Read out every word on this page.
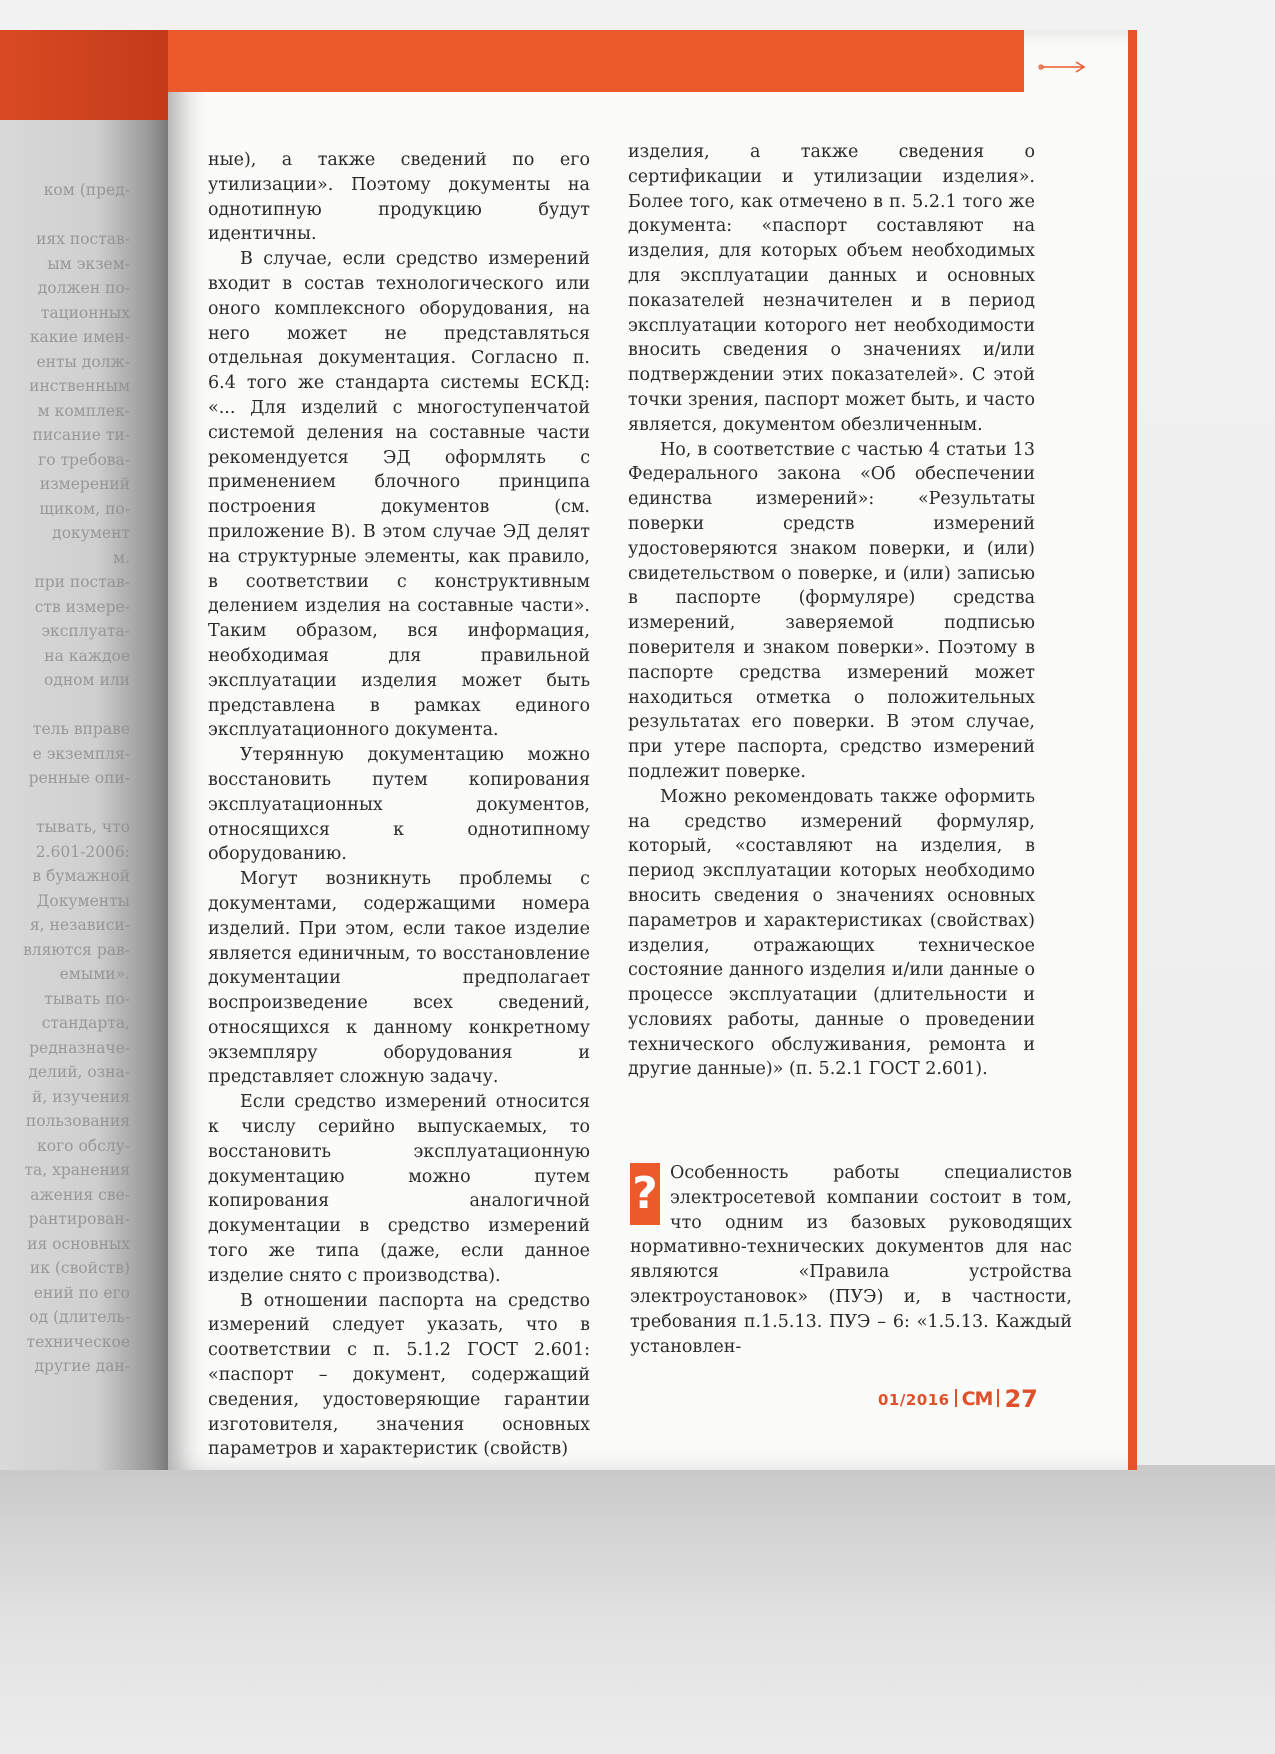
ком (пред-

иях постав-
ым экзем-
должен по-
тационных
какие имен-
енты долж-
инственным
м комплек-
писание ти-
го требова-
измерений
щиком, по-
документ
м.
при постав-
ств измере-
эксплуата-
на каждое
одном или

тель вправе
е экземпля-
ренные опи-

тывать, что
2.601-2006:
в бумажной
Документы
я, независи-
вляются рав-
емыми».
тывать по-
стандарта,
редназначе-
делий, озна-
й, изучения
пользования
кого обслу-
та, хранения
ажения све-
рантирован-
ия основных
ик (свойств)
ений по его
од (длитель-
техническое
другие дан-

ные), а также сведений по его утилизации». Поэтому документы на однотипную продукцию будут идентичны.

В случае, если средство измерений входит в состав технологического или оного комплексного оборудования, на него может не представляться отдельная документация. Согласно п. 6.4 того же стандарта системы ЕСКД: «... Для изделий с многоступенчатой системой деления на составные части рекомендуется ЭД оформлять с применением блочного принципа построения документов (см. приложение В). В этом случае ЭД делят на структурные элементы, как правило, в соответствии с конструктивным делением изделия на составные части». Таким образом, вся информация, необходимая для правильной эксплуатации изделия может быть представлена в рамках единого эксплуатационного документа.

Утерянную документацию можно восстановить путем копирования эксплуатационных документов, относящихся к однотипному оборудованию.

Могут возникнуть проблемы с документами, содержащими номера изделий. При этом, если такое изделие является единичным, то восстановление документации предполагает воспроизведение всех сведений, относящихся к данному конкретному экземпляру оборудования и представляет сложную задачу.

Если средство измерений относится к числу серийно выпускаемых, то восстановить эксплуатационную документацию можно путем копирования аналогичной документации в средство измерений того же типа (даже, если данное изделие снято с производства).

В отношении паспорта на средство измерений следует указать, что в соответствии с п. 5.1.2 ГОСТ 2.601: «паспорт – документ, содержащий сведения, удостоверяющие гарантии изготовителя, значения основных параметров и характеристик (свойств)

изделия, а также сведения о сертификации и утилизации изделия». Более того, как отмечено в п. 5.2.1 того же документа: «паспорт составляют на изделия, для которых объем необходимых для эксплуатации данных и основных показателей незначителен и в период эксплуатации которого нет необходимости вносить сведения о значениях и/или подтверждении этих показателей». С этой точки зрения, паспорт может быть, и часто является, документом обезличенным.

Но, в соответствие с частью 4 статьи 13 Федерального закона «Об обеспечении единства измерений»: «Результаты поверки средств измерений удостоверяются знаком поверки, и (или) свидетельством о поверке, и (или) записью в паспорте (формуляре) средства измерений, заверяемой подписью поверителя и знаком поверки». Поэтому в паспорте средства измерений может находиться отметка о положительных результатах его поверки. В этом случае, при утере паспорта, средство измерений подлежит поверке.

Можно рекомендовать также оформить на средство измерений формуляр, который, «составляют на изделия, в период эксплуатации которых необходимо вносить сведения о значениях основных параметров и характеристиках (свойствах) изделия, отражающих техническое состояние данного изделия и/или данные о процессе эксплуатации (длительности и условиях работы, данные о проведении технического обслуживания, ремонта и другие данные)» (п. 5.2.1 ГОСТ 2.601).

? Особенность работы специалистов электросетевой компании состоит в том, что одним из базовых руководящих нормативно-технических документов для нас являются «Правила устройства электроустановок» (ПУЭ) и, в частности, требования п.1.5.13. ПУЭ – 6: «1.5.13. Каждый установлен-
01/2016 СМ 27
